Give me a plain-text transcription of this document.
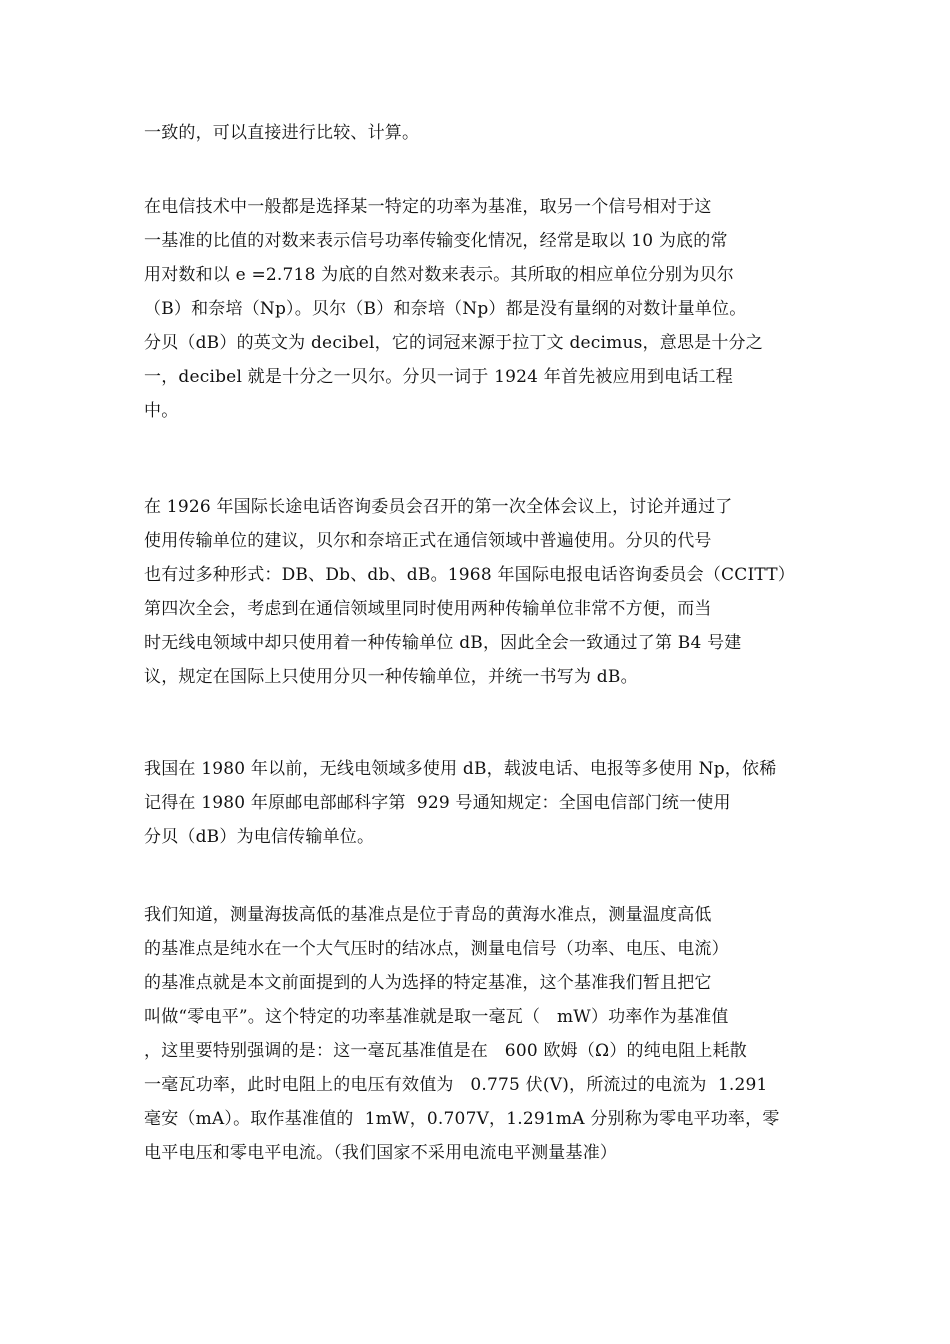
一致的，可以直接进行比较、计算。
在电信技术中一般都是选择某一特定的功率为基准，取另一个信号相对于这
一基准的比值的对数来表示信号功率传输变化情况，经常是取以 10 为底的常
用对数和以 e =2.718 为底的自然对数来表示。其所取的相应单位分别为贝尔
（B）和奈培（Np）。贝尔（B）和奈培（Np）都是没有量纲的对数计量单位。
分贝（dB）的英文为 decibel，它的词冠来源于拉丁文 decimus，意思是十分之
一，decibel 就是十分之一贝尔。分贝一词于 1924 年首先被应用到电话工程
中。
在 1926 年国际长途电话咨询委员会召开的第一次全体会议上，讨论并通过了
使用传输单位的建议，贝尔和奈培正式在通信领域中普遍使用。分贝的代号
也有过多种形式：DB、Db、db、dB。1968 年国际电报电话咨询委员会（CCITT）
第四次全会，考虑到在通信领域里同时使用两种传输单位非常不方便，而当
时无线电领域中却只使用着一种传输单位 dB，因此全会一致通过了第 B4 号建
议，规定在国际上只使用分贝一种传输单位，并统一书写为 dB。
我国在 1980 年以前，无线电领域多使用 dB，载波电话、电报等多使用 Np，依稀
记得在 1980 年原邮电部邮科字第  929 号通知规定：全国电信部门统一使用
分贝（dB）为电信传输单位。
我们知道，测量海拔高低的基准点是位于青岛的黄海水准点，测量温度高低
的基准点是纯水在一个大气压时的结冰点，测量电信号（功率、电压、电流）
的基准点就是本文前面提到的人为选择的特定基准，这个基准我们暂且把它
叫做“零电平”。这个特定的功率基准就是取一毫瓦（   mW）功率作为基准值
，这里要特别强调的是：这一毫瓦基准值是在   600 欧姆（Ω）的纯电阻上耗散
一毫瓦功率，此时电阻上的电压有效值为   0.775 伏(V)，所流过的电流为  1.291
毫安（mA）。取作基准值的  1mW，0.707V，1.291mA 分别称为零电平功率，零
电平电压和零电平电流。（我们国家不采用电流电平测量基准）
